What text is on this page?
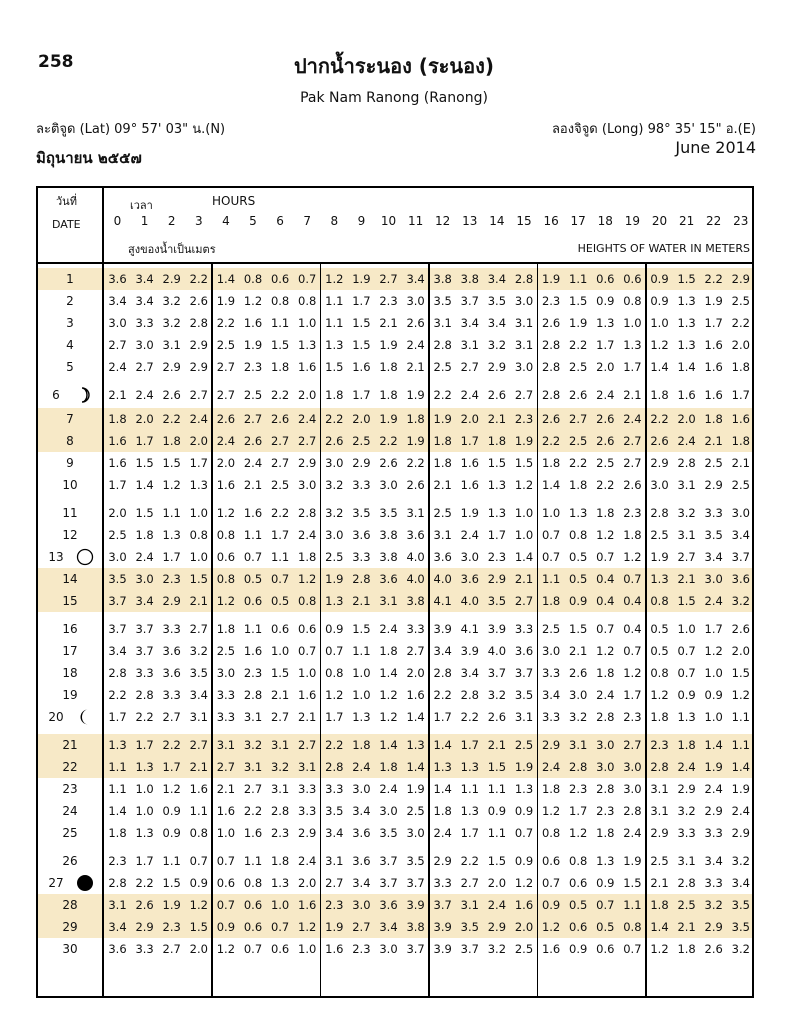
258	ปากน้ำระนอง (ระนอง)
Pak Nam Ranong (Ranong)
ละติจูด (Lat) 09° 57' 03" น.(N)	ลองจิจูด (Long) 98° 35' 15" อ.(E)
มิถุนายน ๒๕๕๗
June 2014
วันที่
DATE
เวลา	HOURS
สูงของน้ำเป็นเมตร	HEIGHTS OF WATER IN METERS
0	1	2	3	4	5	6	7	8	9	10 11 12 13 14 15 16 17 18 19 20 21 22 23
1	3.6 3.4 2.9 2.2 1.4 0.8 0.6 0.7 1.2 1.9 2.7 3.4 3.8 3.8 3.4 2.8 1.9 1.1 0.6 0.6 0.9 1.5 2.2 2.9
2	3.4 3.4 3.2 2.6 1.9 1.2 0.8 0.8 1.1 1.7 2.3 3.0 3.5 3.7 3.5 3.0 2.3 1.5 0.9 0.8 0.9 1.3 1.9 2.5
3	3.0 3.3 3.2 2.8 2.2 1.6 1.1 1.0 1.1 1.5 2.1 2.6 3.1 3.4 3.4 3.1 2.6 1.9 1.3 1.0 1.0 1.3 1.7 2.2
4	2.7 3.0 3.1 2.9 2.5 1.9 1.5 1.3 1.3 1.5 1.9 2.4 2.8 3.1 3.2 3.1 2.8 2.2 1.7 1.3 1.2 1.3 1.6 2.0
5	2.4 2.7 2.9 2.9 2.7 2.3 1.8 1.6 1.5 1.6 1.8 2.1 2.5 2.7 2.9 3.0 2.8 2.5 2.0 1.7 1.4 1.4 1.6 1.8
6	2.1 2.4 2.6 2.7 2.7 2.5 2.2 2.0 1.8 1.7 1.8 1.9 2.2 2.4 2.6 2.7 2.8 2.6 2.4 2.1 1.8 1.6 1.6 1.7
7	1.8 2.0 2.2 2.4 2.6 2.7 2.6 2.4 2.2 2.0 1.9 1.8 1.9 2.0 2.1 2.3 2.6 2.7 2.6 2.4 2.2 2.0 1.8 1.6
8	1.6 1.7 1.8 2.0 2.4 2.6 2.7 2.7 2.6 2.5 2.2 1.9 1.8 1.7 1.8 1.9 2.2 2.5 2.6 2.7 2.6 2.4 2.1 1.8
9	1.6 1.5 1.5 1.7 2.0 2.4 2.7 2.9 3.0 2.9 2.6 2.2 1.8 1.6 1.5 1.5 1.8 2.2 2.5 2.7 2.9 2.8 2.5 2.1
10	1.7 1.4 1.2 1.3 1.6 2.1 2.5 3.0 3.2 3.3 3.0 2.6 2.1 1.6 1.3 1.2 1.4 1.8 2.2 2.6 3.0 3.1 2.9 2.5
11	2.0 1.5 1.1 1.0 1.2 1.6 2.2 2.8 3.2 3.5 3.5 3.1 2.5 1.9 1.3 1.0 1.0 1.3 1.8 2.3 2.8 3.2 3.3 3.0
12	2.5 1.8 1.3 0.8 0.8 1.1 1.7 2.4 3.0 3.6 3.8 3.6 3.1 2.4 1.7 1.0 0.7 0.8 1.2 1.8 2.5 3.1 3.5 3.4
13	3.0 2.4 1.7 1.0 0.6 0.7 1.1 1.8 2.5 3.3 3.8 4.0 3.6 3.0 2.3 1.4 0.7 0.5 0.7 1.2 1.9 2.7 3.4 3.7
14	3.5 3.0 2.3 1.5 0.8 0.5 0.7 1.2 1.9 2.8 3.6 4.0 4.0 3.6 2.9 2.1 1.1 0.5 0.4 0.7 1.3 2.1 3.0 3.6
15	3.7 3.4 2.9 2.1 1.2 0.6 0.5 0.8 1.3 2.1 3.1 3.8 4.1 4.0 3.5 2.7 1.8 0.9 0.4 0.4 0.8 1.5 2.4 3.2
16	3.7 3.7 3.3 2.7 1.8 1.1 0.6 0.6 0.9 1.5 2.4 3.3 3.9 4.1 3.9 3.3 2.5 1.5 0.7 0.4 0.5 1.0 1.7 2.6
17	3.4 3.7 3.6 3.2 2.5 1.6 1.0 0.7 0.7 1.1 1.8 2.7 3.4 3.9 4.0 3.6 3.0 2.1 1.2 0.7 0.5 0.7 1.2 2.0
18	2.8 3.3 3.6 3.5 3.0 2.3 1.5 1.0 0.8 1.0 1.4 2.0 2.8 3.4 3.7 3.7 3.3 2.6 1.8 1.2 0.8 0.7 1.0 1.5
19	2.2 2.8 3.3 3.4 3.3 2.8 2.1 1.6 1.2 1.0 1.2 1.6 2.2 2.8 3.2 3.5 3.4 3.0 2.4 1.7 1.2 0.9 0.9 1.2
20	1.7 2.2 2.7 3.1 3.3 3.1 2.7 2.1 1.7 1.3 1.2 1.4 1.7 2.2 2.6 3.1 3.3 3.2 2.8 2.3 1.8 1.3 1.0 1.1
21	1.3 1.7 2.2 2.7 3.1 3.2 3.1 2.7 2.2 1.8 1.4 1.3 1.4 1.7 2.1 2.5 2.9 3.1 3.0 2.7 2.3 1.8 1.4 1.1
22	1.1 1.3 1.7 2.1 2.7 3.1 3.2 3.1 2.8 2.4 1.8 1.4 1.3 1.3 1.5 1.9 2.4 2.8 3.0 3.0 2.8 2.4 1.9 1.4
23	1.1 1.0 1.2 1.6 2.1 2.7 3.1 3.3 3.3 3.0 2.4 1.9 1.4 1.1 1.1 1.3 1.8 2.3 2.8 3.0 3.1 2.9 2.4 1.9
24	1.4 1.0 0.9 1.1 1.6 2.2 2.8 3.3 3.5 3.4 3.0 2.5 1.8 1.3 0.9 0.9 1.2 1.7 2.3 2.8 3.1 3.2 2.9 2.4
25	1.8 1.3 0.9 0.8 1.0 1.6 2.3 2.9 3.4 3.6 3.5 3.0 2.4 1.7 1.1 0.7 0.8 1.2 1.8 2.4 2.9 3.3 3.3 2.9
26	2.3 1.7 1.1 0.7 0.7 1.1 1.8 2.4 3.1 3.6 3.7 3.5 2.9 2.2 1.5 0.9 0.6 0.8 1.3 1.9 2.5 3.1 3.4 3.2
27	2.8 2.2 1.5 0.9 0.6 0.8 1.3 2.0 2.7 3.4 3.7 3.7 3.3 2.7 2.0 1.2 0.7 0.6 0.9 1.5 2.1 2.8 3.3 3.4
28	3.1 2.6 1.9 1.2 0.7 0.6 1.0 1.6 2.3 3.0 3.6 3.9 3.7 3.1 2.4 1.6 0.9 0.5 0.7 1.1 1.8 2.5 3.2 3.5
29	3.4 2.9 2.3 1.5 0.9 0.6 0.7 1.2 1.9 2.7 3.4 3.8 3.9 3.5 2.9 2.0 1.2 0.6 0.5 0.8 1.4 2.1 2.9 3.5
30	3.6 3.3 2.7 2.0 1.2 0.7 0.6 1.0 1.6 2.3 3.0 3.7 3.9 3.7 3.2 2.5 1.6 0.9 0.6 0.7 1.2 1.8 2.6 3.2
